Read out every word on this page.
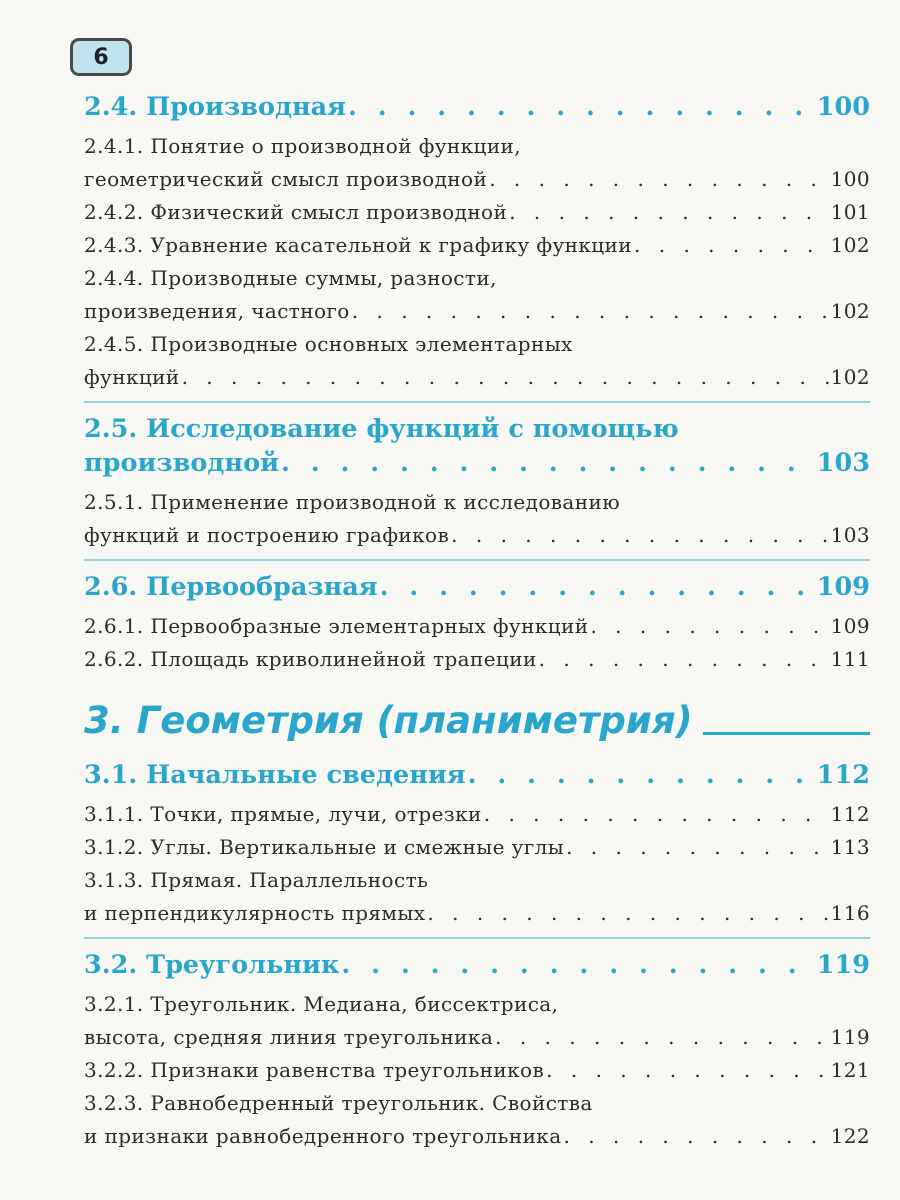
6
2.4. Производная . . .	100
2.4.1. Понятие о производной функции,
геометрический смысл производной . . .	100
2.4.2. Физический смысл производной . . .	101
2.4.3. Уравнение касательной к графику функции . . .	102
2.4.4. Производные суммы, разности,
произведения, частного . . .	102
2.4.5. Производные основных элементарных
функций . . .	102
2.5. Исследование функций с помощью
производной . . .	103
2.5.1. Применение производной к исследованию
функций и построению графиков . . .	103
2.6. Первообразная . . .	109
2.6.1. Первообразные элементарных функций . . .	109
2.6.2. Площадь криволинейной трапеции . . .	111
3. Геометрия (планиметрия)
3.1. Начальные сведения . . .	112
3.1.1. Точки, прямые, лучи, отрезки . . .	112
3.1.2. Углы. Вертикальные и смежные углы . . .	113
3.1.3. Прямая. Параллельность
и перпендикулярность прямых . . .	116
3.2. Треугольник . . .	119
3.2.1. Треугольник. Медиана, биссектриса,
высота, средняя линия треугольника . . .	119
3.2.2. Признаки равенства треугольников . . .	121
3.2.3. Равнобедренный треугольник. Свойства
и признаки равнобедренного треугольника . . .	122
